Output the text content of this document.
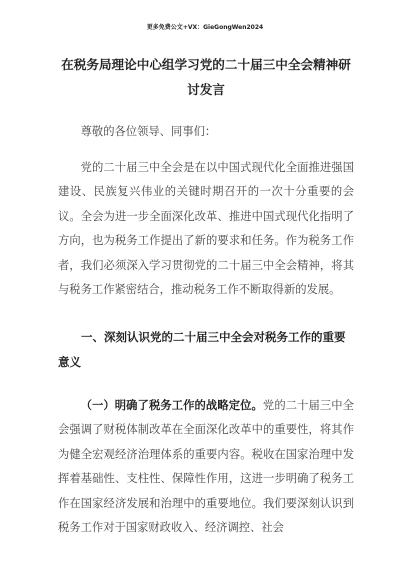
更多免费公文+VX：GieGongWen2024
在税务局理论中心组学习党的二十届三中全会精神研讨发言

尊敬的各位领导、同事们：

党的二十届三中全会是在以中国式现代化全面推进强国建设、民族复兴伟业的关键时期召开的一次十分重要的会议。全会为进一步全面深化改革、推进中国式现代化指明了方向，也为税务工作提出了新的要求和任务。作为税务工作者，我们必须深入学习贯彻党的二十届三中全会精神，将其与税务工作紧密结合，推动税务工作不断取得新的发展。

一、深刻认识党的二十届三中全会对税务工作的重要意义

（一）明确了税务工作的战略定位。党的二十届三中全会强调了财税体制改革在全面深化改革中的重要性，将其作为健全宏观经济治理体系的重要内容。税收在国家治理中发挥着基础性、支柱性、保障性作用，这进一步明确了税务工作在国家经济发展和治理中的重要地位。我们要深刻认识到税务工作对于国家财政收入、经济调控、社会
